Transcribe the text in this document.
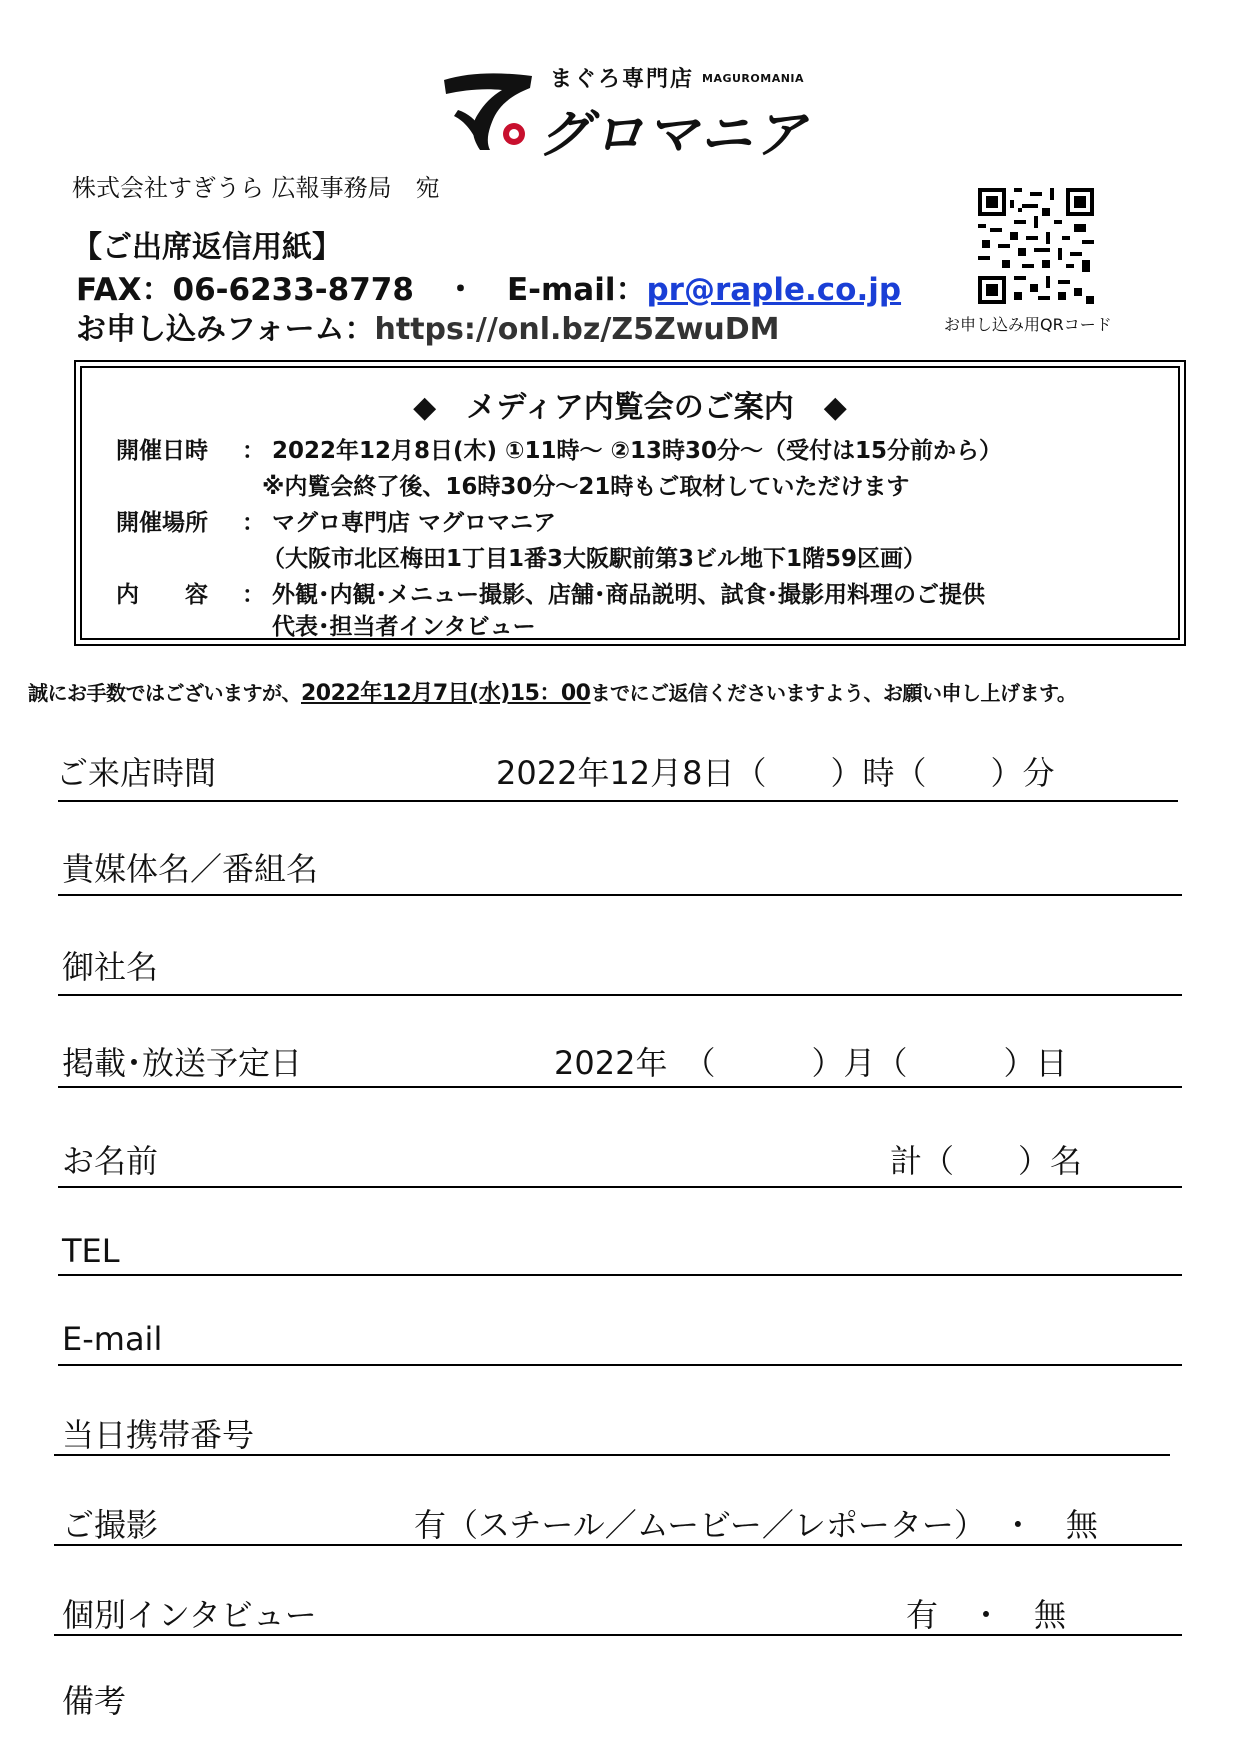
まぐろ専門店 MAGUROMANIA
グロマニア
株式会社すぎうら 広報事務局　宛
【ご出席返信用紙】
FAX：06-6233-8778　・　E-mail：pr@raple.co.jp
お申し込みフォーム：https://onl.bz/Z5ZwuDM	お申し込み用QRコード
◆　メディア内覧会のご案内　◆
開催日時 ： 2022年12月8日(木) ①11時～ ②13時30分～（受付は15分前から）
※内覧会終了後、16時30分～21時もご取材していただけます
開催場所 ： マグロ専門店 マグロマニア
（大阪市北区梅田1丁目1番3大阪駅前第3ビル地下1階59区画）
内　　容 ： 外観･内観･メニュー撮影、店舗･商品説明、試食･撮影用料理のご提供
代表･担当者インタビュー
誠にお手数ではございますが、2022年12月7日(水)15：00までにご返信くださいますよう、お願い申し上げます。
ご来店時間	2022年12月8日（　　）時（　　）分
貴媒体名／番組名
御社名
掲載･放送予定日	2022年　（　　　）月（　　　）日
お名前	計（　　）名
TEL
E-mail
当日携帯番号
ご撮影	有（スチール／ムービー／レポーター）　・　無
個別インタビュー	有　・　無
備考
